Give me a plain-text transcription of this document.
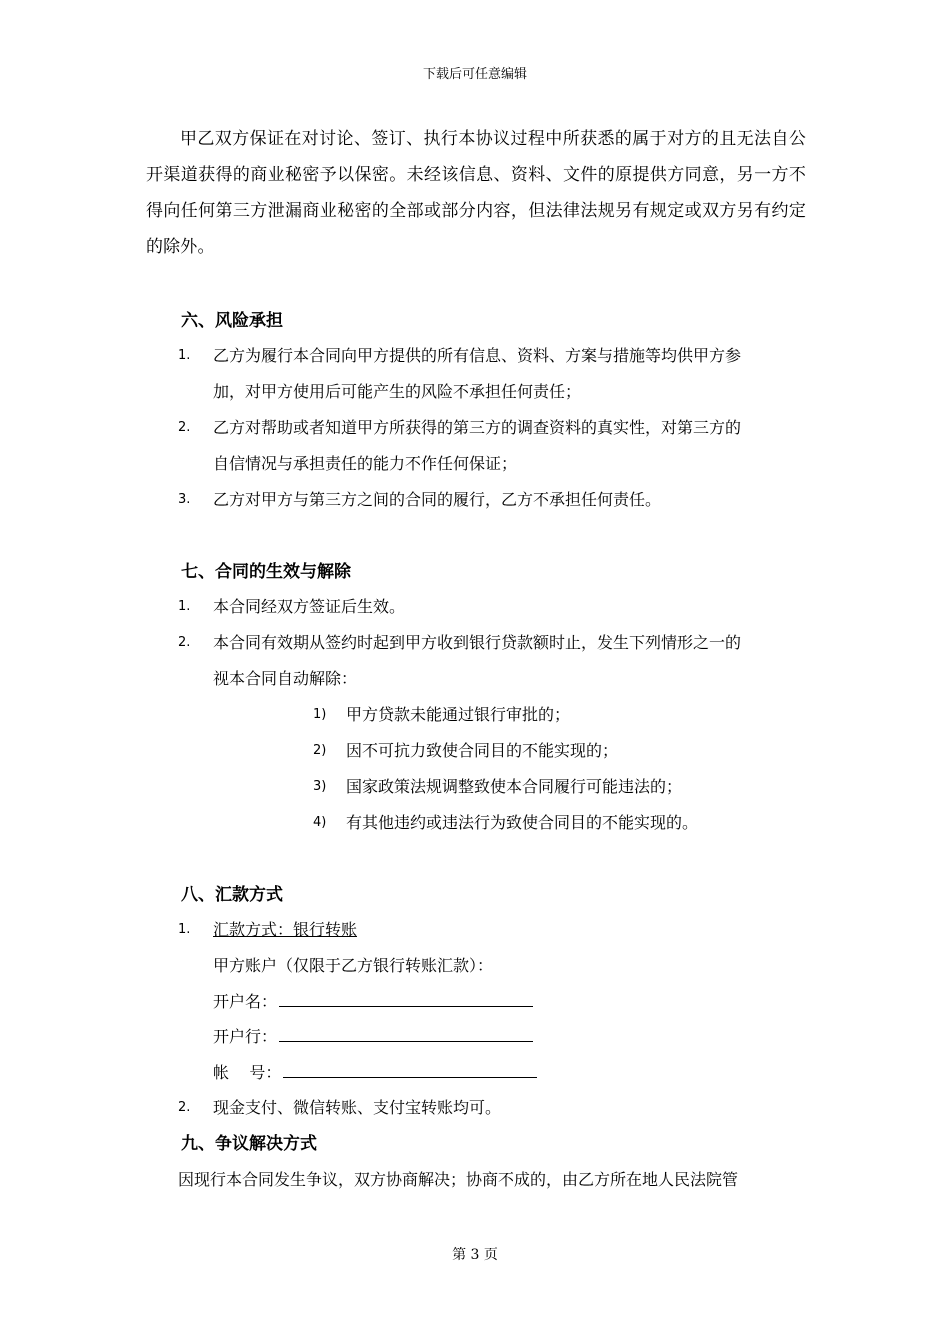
下载后可任意编辑

甲乙双方保证在对讨论、签订、执行本协议过程中所获悉的属于对方的且无法自公开渠道获得的商业秘密予以保密。未经该信息、资料、文件的原提供方同意，另一方不得向任何第三方泄漏商业秘密的全部或部分内容，但法律法规另有规定或双方另有约定的除外。

六、风险承担
1. 乙方为履行本合同向甲方提供的所有信息、资料、方案与措施等均供甲方参
加，对甲方使用后可能产生的风险不承担任何责任；
2. 乙方对帮助或者知道甲方所获得的第三方的调查资料的真实性，对第三方的
自信情况与承担责任的能力不作任何保证；
3. 乙方对甲方与第三方之间的合同的履行，乙方不承担任何责任。
七、合同的生效与解除
1. 本合同经双方签证后生效。
2. 本合同有效期从签约时起到甲方收到银行贷款额时止，发生下列情形之一的
视本合同自动解除：
1) 甲方贷款未能通过银行审批的；
2) 因不可抗力致使合同目的不能实现的；
3) 国家政策法规调整致使本合同履行可能违法的；
4) 有其他违约或违法行为致使合同目的不能实现的。
八、汇款方式
1. 汇款方式：银行转账
甲方账户（仅限于乙方银行转账汇款）：
开户名：
开户行：
帐    号：
2. 现金支付、微信转账、支付宝转账均可。
九、争议解决方式
因现行本合同发生争议，双方协商解决；协商不成的，由乙方所在地人民法院管
第 3 页
